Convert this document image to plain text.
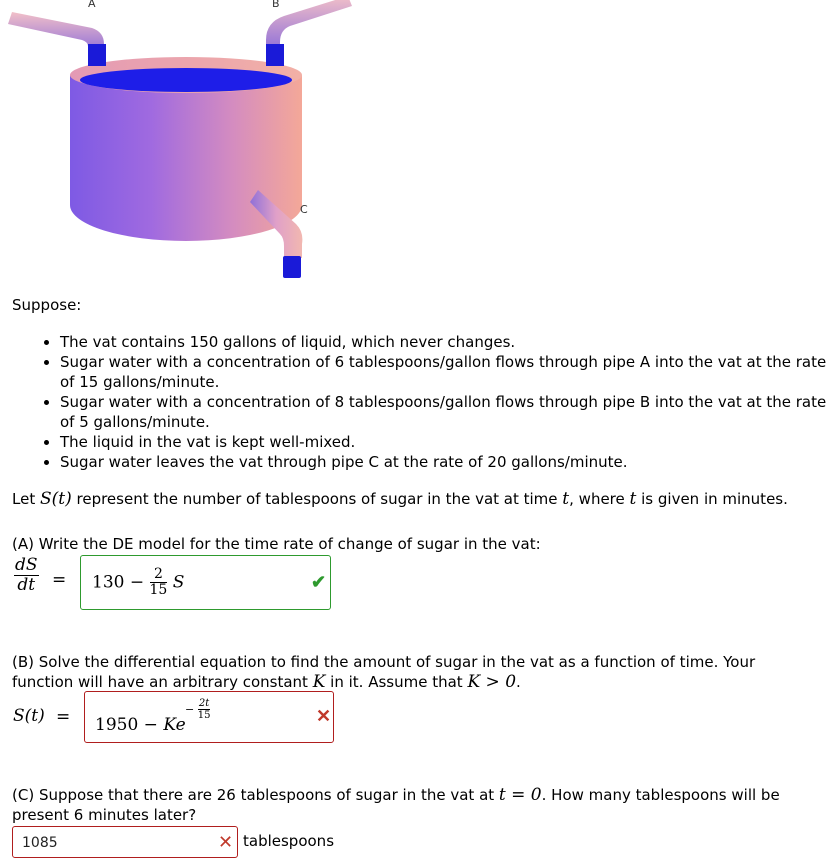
A	B
C
Suppose:
• The vat contains 150 gallons of liquid, which never changes.
• Sugar water with a concentration of 6 tablespoons/gallon flows through pipe A into the vat at the rate of 15 gallons/minute.
• Sugar water with a concentration of 8 tablespoons/gallon flows through pipe B into the vat at the rate of 5 gallons/minute.
• The liquid in the vat is kept well-mixed.
• Sugar water leaves the vat through pipe C at the rate of 20 gallons/minute.
Let S(t) represent the number of tablespoons of sugar in the vat at time t, where t is given in minutes.
(A) Write the DE model for the time rate of change of sugar in the vat:
$\frac{dS}{dt} = 130 - \frac{2}{15}$ S	✔
(B) Solve the differential equation to find the amount of sugar in the vat as a function of time. Your function will have an arbitrary constant K in it. Assume that K > 0.
S(t) = 1950 − Ke
− $\frac{2t}{15}$	✕
(C) Suppose that there are 26 tablespoons of sugar in the vat at t = 0. How many tablespoons will be present 6 minutes later?
1085	✕ tablespoons
